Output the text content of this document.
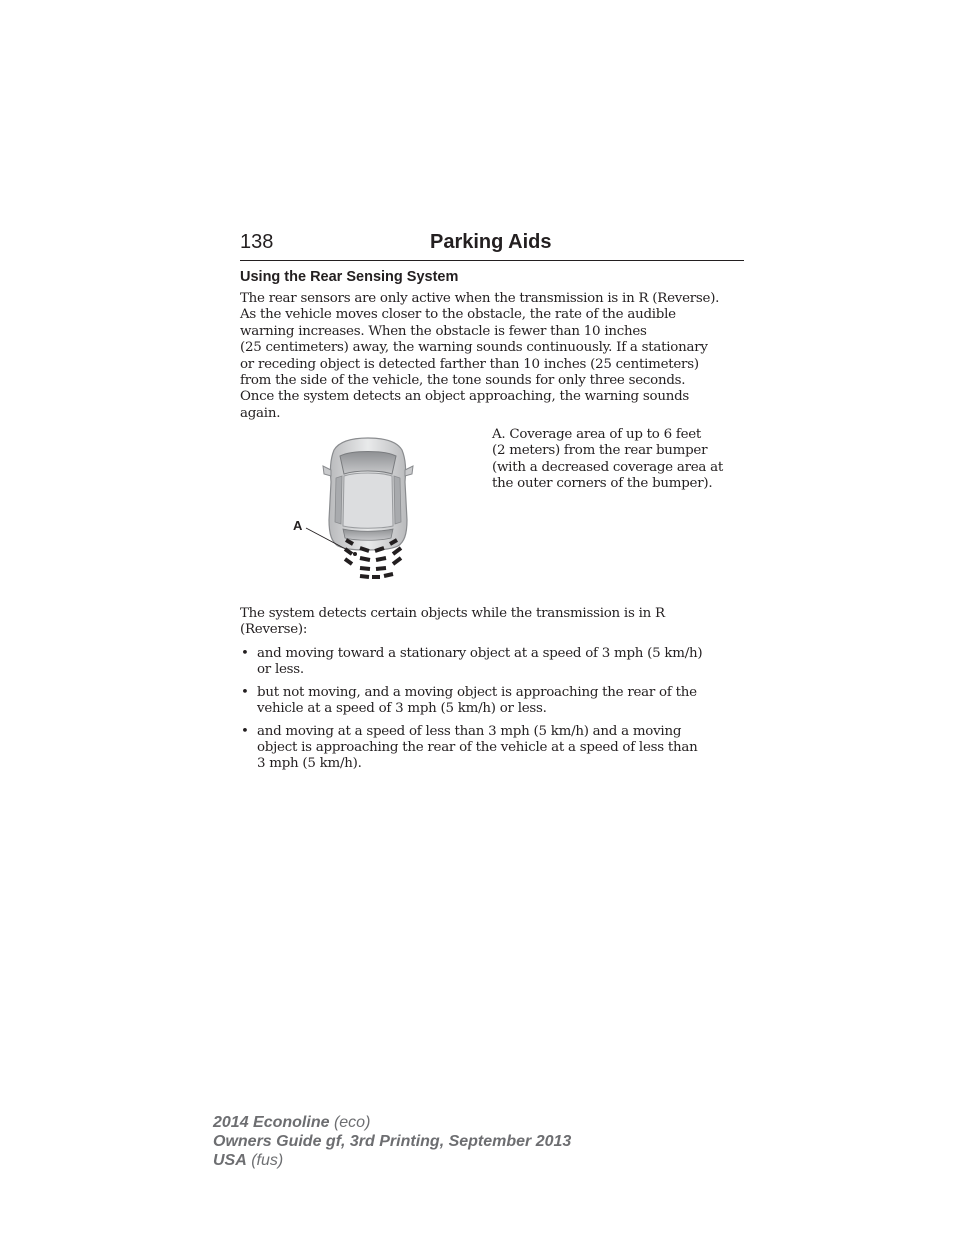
138	Parking Aids
Using the Rear Sensing System

The rear sensors are only active when the transmission is in R (Reverse).
As the vehicle moves closer to the obstacle, the rate of the audible
warning increases. When the obstacle is fewer than 10 inches
(25 centimeters) away, the warning sounds continuously. If a stationary
or receding object is detected farther than 10 inches (25 centimeters)
from the side of the vehicle, the tone sounds for only three seconds.
Once the system detects an object approaching, the warning sounds
again.

A

A. Coverage area of up to 6 feet
(2 meters) from the rear bumper
(with a decreased coverage area at
the outer corners of the bumper).

The system detects certain objects while the transmission is in R
(Reverse):

• and moving toward a stationary object at a speed of 3 mph (5 km/h)
or less.
• but not moving, and a moving object is approaching the rear of the
vehicle at a speed of 3 mph (5 km/h) or less.
• and moving at a speed of less than 3 mph (5 km/h) and a moving
object is approaching the rear of the vehicle at a speed of less than
3 mph (5 km/h).
2014 Econoline (eco)
Owners Guide gf, 3rd Printing, September 2013
USA (fus)
